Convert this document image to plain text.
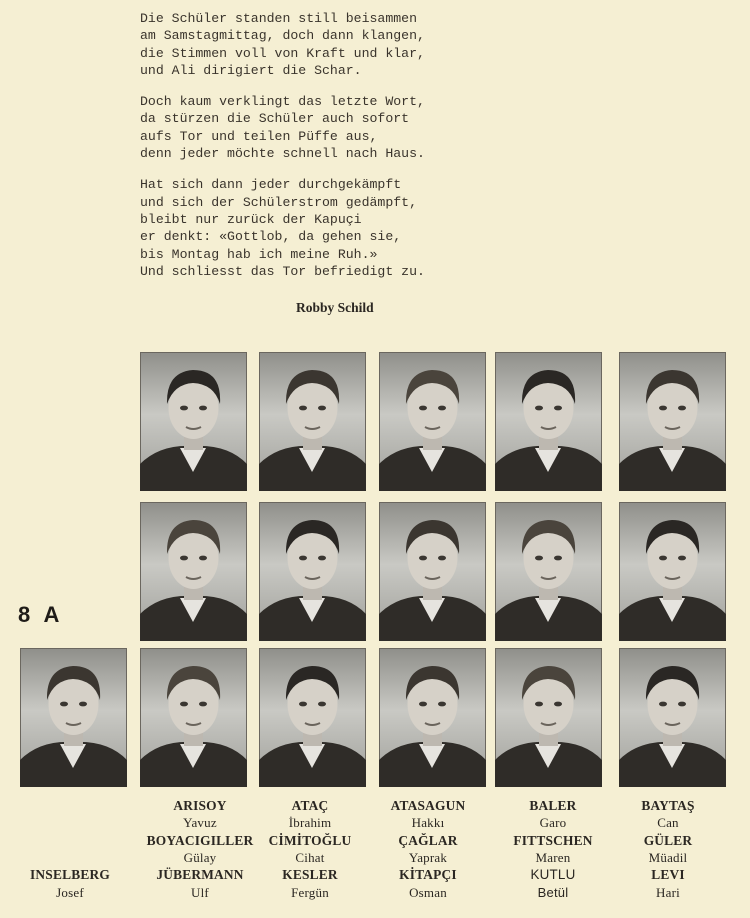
Die Schüler standen still beisammen
am Samstagmittag, doch dann klangen,
die Stimmen voll von Kraft und klar,
und Ali dirigiert die Schar.
Doch kaum verklingt das letzte Wort,
da stürzen die Schüler auch sofort
aufs Tor und teilen Püffe aus,
denn jeder möchte schnell nach Haus.
Hat sich dann jeder durchgekämpft
und sich der Schülerstrom gedämpft,
bleibt nur zurück der Kapuçi
er denkt: «Gottlob, da gehen sie,
bis Montag hab ich meine Ruh.»
Und schliesst das Tor befriedigt zu.
Robby Schild
8 A
INSELBERG
Josef
ARISOY
Yavuz
BOYACIGILLER
Gülay
JÜBERMANN
Ulf
ATAÇ
İbrahim
CİMİTOĞLU
Cihat
KESLER
Fergün
ATASAGUN
Hakkı
ÇAĞLAR
Yaprak
KİTAPÇI
Osman
BALER
Garo
FITTSCHEN
Maren
KUTLU
Betül
BAYTAŞ
Can
GÜLER
Müadil
LEVI
Hari
